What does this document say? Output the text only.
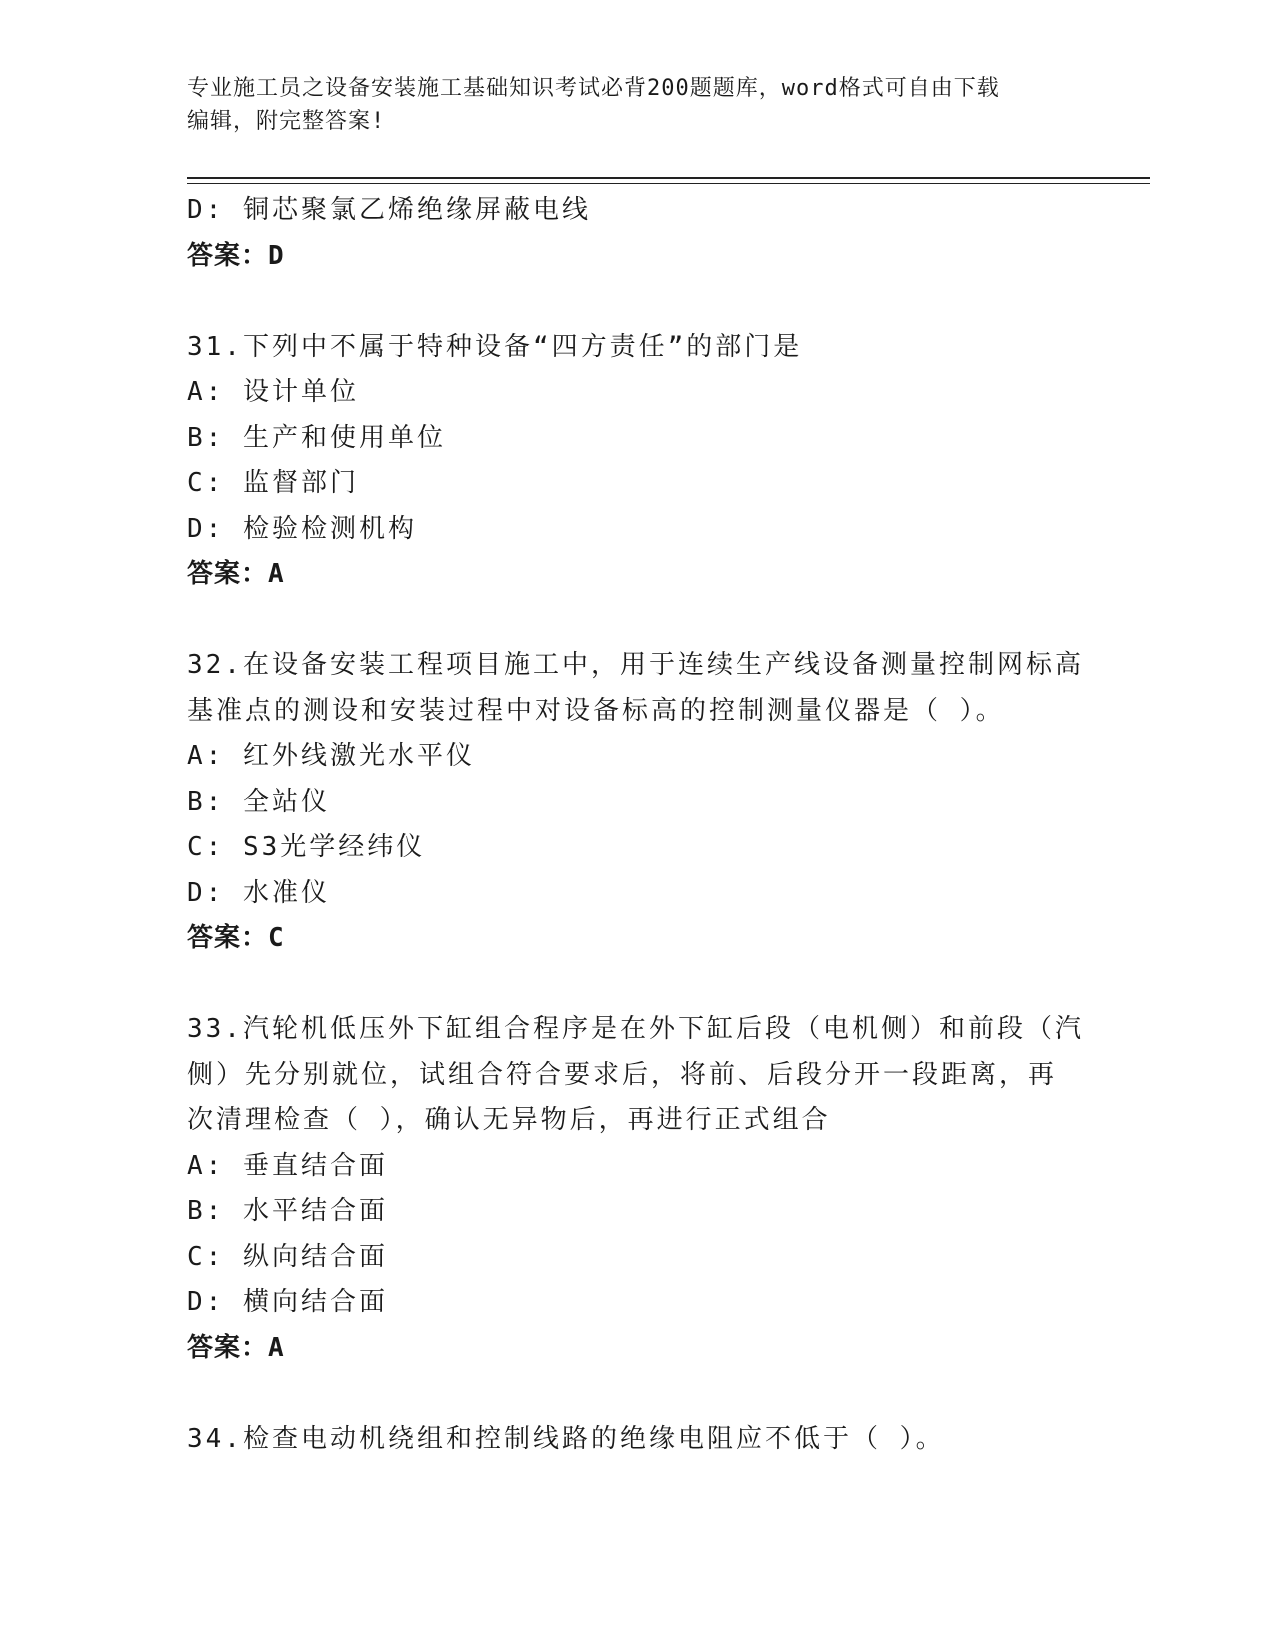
专业施工员之设备安装施工基础知识考试必背200题题库，word格式可自由下载
编辑，附完整答案!
D: 铜芯聚氯乙烯绝缘屏蔽电线
答案：D
31.下列中不属于特种设备“四方责任”的部门是
A: 设计单位
B: 生产和使用单位
C: 监督部门
D: 检验检测机构
答案：A
32.在设备安装工程项目施工中，用于连续生产线设备测量控制网标高
基准点的测设和安装过程中对设备标高的控制测量仪器是（ ）。
A: 红外线激光水平仪
B: 全站仪
C: S3光学经纬仪
D: 水准仪
答案：C
33.汽轮机低压外下缸组合程序是在外下缸后段（电机侧）和前段（汽
侧）先分别就位，试组合符合要求后，将前、后段分开一段距离，再
次清理检查（ ），确认无异物后，再进行正式组合
A: 垂直结合面
B: 水平结合面
C: 纵向结合面
D: 横向结合面
答案：A
34.检查电动机绕组和控制线路的绝缘电阻应不低于（ ）。
